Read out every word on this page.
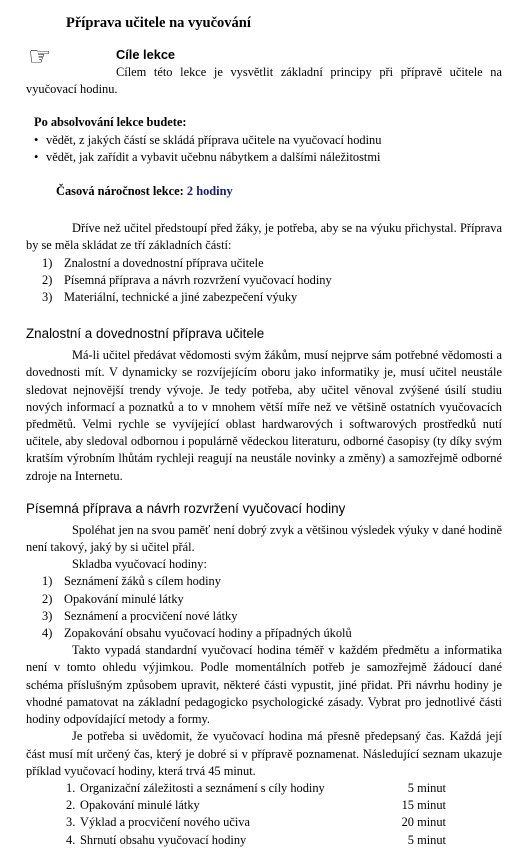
Příprava učitele na vyučování
☞	Cíle lekce

Cílem této lekce je vysvětlit základní principy při přípravě učitele na vyučovací hodinu.

Po absolvování lekce budete:
• vědět, z jakých částí se skládá příprava učitele na vyučovací hodinu
• vědět, jak zařídit a vybavit učebnu nábytkem a dalšími náležitostmi
Časová náročnost lekce: 2 hodiny

Dříve než učitel předstoupí před žáky, je potřeba, aby se na výuku přichystal. Příprava by se měla skládat ze tří základních částí:

1) Znalostní a dovednostní příprava učitele
2) Písemná příprava a návrh rozvržení vyučovací hodiny
3) Materiální, technické a jiné zabezpečení výuky
Znalostní a dovednostní příprava učitele

Má-li učitel předávat vědomosti svým žákům, musí nejprve sám potřebné vědomosti a dovednosti mít. V dynamicky se rozvíjejícím oboru jako informatiky je, musí učitel neustále sledovat nejnovější trendy vývoje. Je tedy potřeba, aby učitel věnoval zvýšené úsilí studiu nových informací a poznatků a to v mnohem větší míře než ve většině ostatních vyučovacích předmětů. Velmi rychle se vyvíjející oblast hardwarových i softwarových prostředků nutí učitele, aby sledoval odbornou i populárně vědeckou literaturu, odborné časopisy (ty díky svým kratším výrobním lhůtám rychleji reagují na neustále novinky a změny) a samozřejmě odborné zdroje na Internetu.

Písemná příprava a návrh rozvržení vyučovací hodiny

Spoléhat jen na svou paměť není dobrý zvyk a většinou výsledek výuky v dané hodině není takový, jaký by si učitel přál.

Skladba vyučovací hodiny:
1) Seznámení žáků s cílem hodiny
2) Opakování minulé látky
3) Seznámení a procvičení nové látky
4) Zopakování obsahu vyučovací hodiny a případných úkolů

Takto vypadá standardní vyučovací hodina téměř v každém předmětu a informatika není v tomto ohledu výjimkou. Podle momentálních potřeb je samozřejmě žádoucí dané schéma příslušným způsobem upravit, některé části vypustit, jiné přidat. Při návrhu hodiny je vhodné pamatovat na základní pedagogicko psychologické zásady. Vybrat pro jednotlivé části hodiny odpovídající metody a formy.

Je potřeba si uvědomit, že vyučovací hodina má přesně předepsaný čas. Každá její část musí mít určený čas, který je dobré si v přípravě poznamenat. Následující seznam ukazuje příklad vyučovací hodiny, která trvá 45 minut.

1. Organizační záležitosti a seznámení s cíly hodiny	5 minut
2. Opakování minulé látky	15 minut
3. Výklad a procvičení nového učiva	20 minut
4. Shrnutí obsahu vyučovací hodiny	5 minut
